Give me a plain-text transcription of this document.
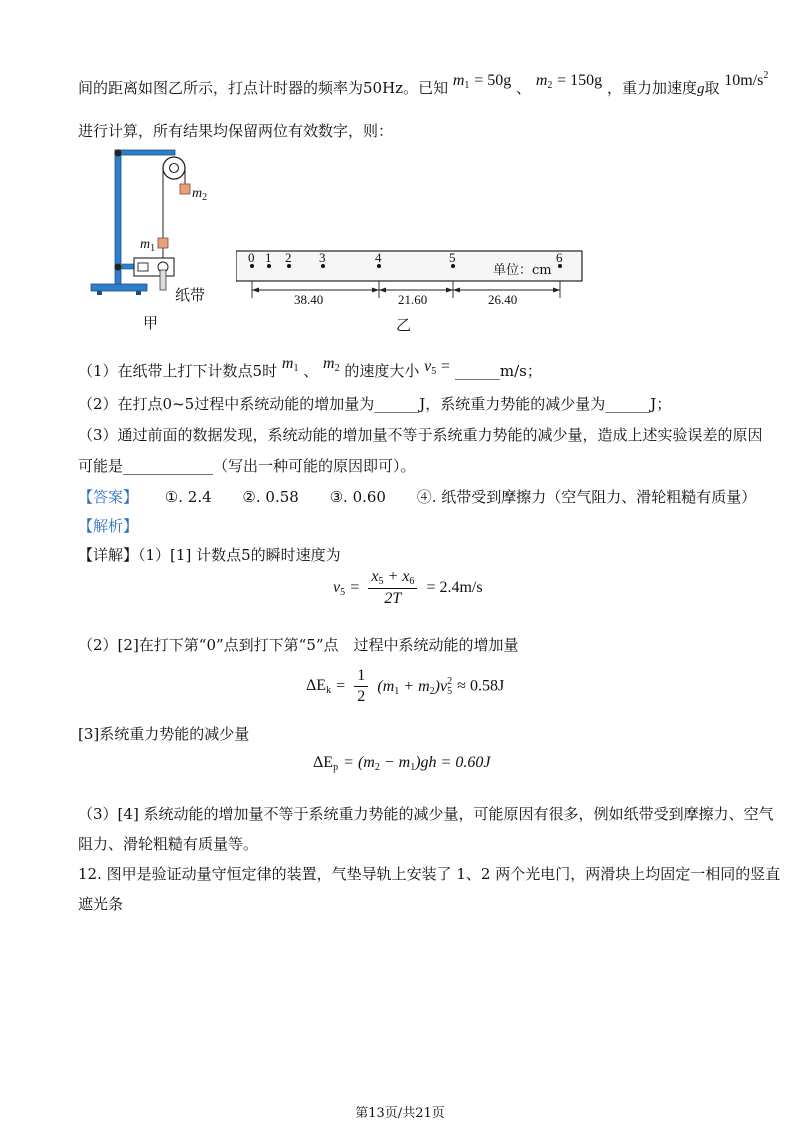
间的距离如图乙所示，打点计时器的频率为50Hz。已知 $m_1 = 50g$ 、 $m_2 = 150g$ ，重力加速度g取 $10m/s^2$
进行计算，所有结果均保留两位有效数字，则：
$m_2$
$m_1$
纸带
甲
0 1 2 3	4	5	6
单位：cm
38.40	21.60	26.40
乙
（1）在纸带上打下计数点5时 $m_1$ 、 $m_2$ 的速度大小 $v_5$ = ______m/s；
（2）在打点0~5过程中系统动能的增加量为______J，系统重力势能的减少量为______J；
（3）通过前面的数据发现，系统动能的增加量不等于系统重力势能的减少量，造成上述实验误差的原因
可能是____________（写出一种可能的原因即可）。
【答案】 ①. 2.4 ②. 0.58 ③. 0.60 ④. 纸带受到摩擦力（空气阻力、滑轮粗糙有质量）
【解析】
【详解】（1）[1] 计数点5的瞬时速度为
$v_5 = \frac{x_5 + x_6}{2T} = 2.4m/s$
（2）[2]在打下第“0”点到打下第“5”点　过程中系统动能的增加量
$\Delta E_k = \frac{1}{2} (m_1 + m_2)v_5^2 \approx 0.58J$
[3]系统重力势能的减少量
$\Delta E_p = (m_2 - m_1)gh = 0.60J$
（3）[4] 系统动能的增加量不等于系统重力势能的减少量，可能原因有很多，例如纸带受到摩擦力、空气
阻力、滑轮粗糙有质量等。
12. 图甲是验证动量守恒定律的装置，气垫导轨上安装了 1、2 两个光电门，两滑块上均固定一相同的竖直
遮光条
第13页/共21页
